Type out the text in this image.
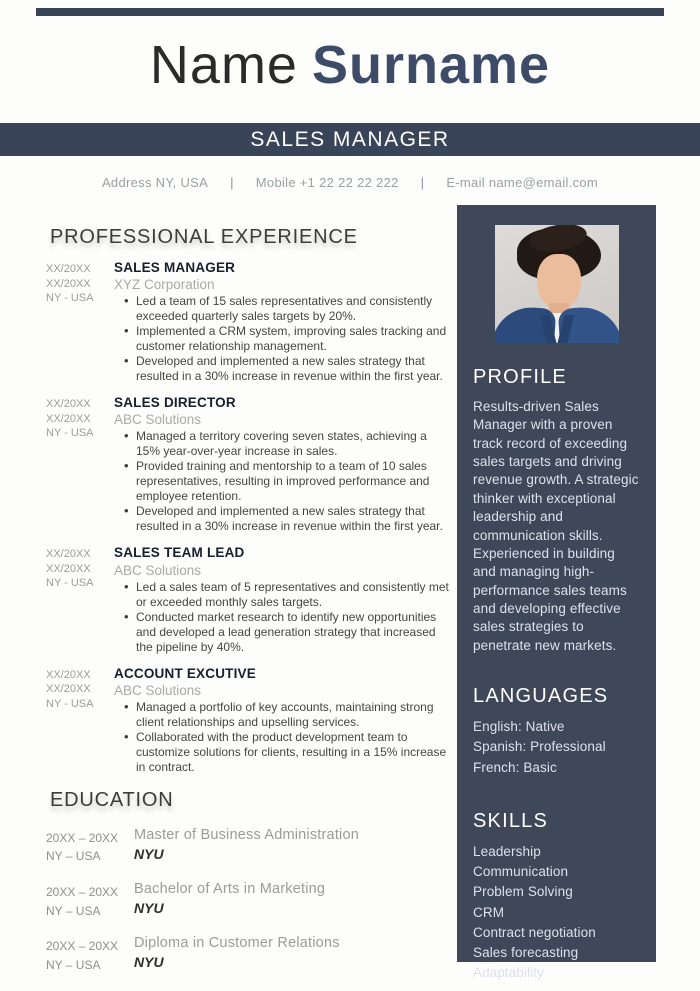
Name Surname
SALES MANAGER
Address NY, USA | Mobile +1 22 22 22 222 | E-mail name@email.com
PROFESSIONAL EXPERIENCE
XX/20XX
XX/20XX
NY - USA
SALES MANAGER
XYZ Corporation
• Led a team of 15 sales representatives and consistently exceeded quarterly sales targets by 20%.
• Implemented a CRM system, improving sales tracking and customer relationship management.
• Developed and implemented a new sales strategy that resulted in a 30% increase in revenue within the first year.
XX/20XX
XX/20XX
NY - USA
SALES DIRECTOR
ABC Solutions
• Managed a territory covering seven states, achieving a 15% year-over-year increase in sales.
• Provided training and mentorship to a team of 10 sales representatives, resulting in improved performance and employee retention.
• Developed and implemented a new sales strategy that resulted in a 30% increase in revenue within the first year.
XX/20XX
XX/20XX
NY - USA
SALES TEAM LEAD
ABC Solutions
• Led a sales team of 5 representatives and consistently met or exceeded monthly sales targets.
• Conducted market research to identify new opportunities and developed a lead generation strategy that increased the pipeline by 40%.
XX/20XX
XX/20XX
NY - USA
ACCOUNT EXCUTIVE
ABC Solutions
• Managed a portfolio of key accounts, maintaining strong client relationships and upselling services.
• Collaborated with the product development team to customize solutions for clients, resulting in a 15% increase in contract.
EDUCATION
20XX – 20XX
NY – USA
Master of Business Administration
NYU
20XX – 20XX
NY – USA
Bachelor of Arts in Marketing
NYU
20XX – 20XX
NY – USA
Diploma in Customer Relations
NYU
PROFILE

Results-driven Sales Manager with a proven track record of exceeding sales targets and driving revenue growth. A strategic thinker with exceptional leadership and communication skills. Experienced in building and managing high-performance sales teams and developing effective sales strategies to penetrate new markets.

LANGUAGES
English: Native
Spanish: Professional
French: Basic
SKILLS
Leadership
Communication
Problem Solving
CRM
Contract negotiation
Sales forecasting
Adaptability
